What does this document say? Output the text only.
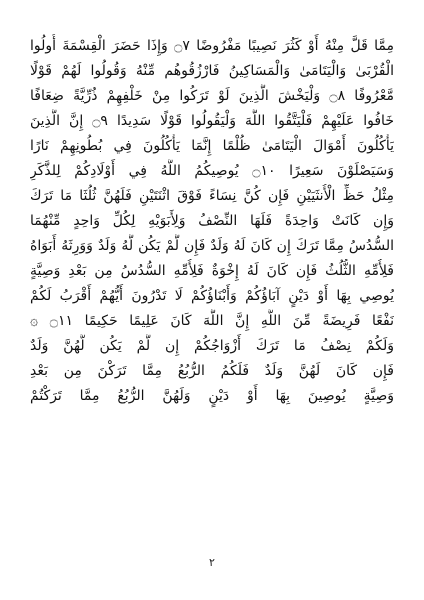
مِمَّا قَلَّ مِنْهُ أَوْ كَثُرَ نَصِيبًا مَفْرُوضًا ۝٧ وَإِذَا حَضَرَ الْقِسْمَةَ أُولُوا
الْقُرْبَىٰ وَالْيَتَامَىٰ وَالْمَسَاكِينُ فَارْزُقُوهُم مِّنْهُ وَقُولُوا لَهُمْ قَوْلًا
مَّعْرُوفًا ۝٨ وَلْيَخْشَ الَّذِينَ لَوْ تَرَكُوا مِنْ خَلْفِهِمْ ذُرِّيَّةً ضِعَافًا
خَافُوا عَلَيْهِمْ فَلْيَتَّقُوا اللَّهَ وَلْيَقُولُوا قَوْلًا سَدِيدًا ۝٩ إِنَّ الَّذِينَ
يَأْكُلُونَ أَمْوَالَ الْيَتَامَىٰ ظُلْمًا إِنَّمَا يَأْكُلُونَ فِي بُطُونِهِمْ نَارًا
وَسَيَصْلَوْنَ سَعِيرًا ۝١٠ يُوصِيكُمُ اللَّهُ فِي أَوْلَادِكُمْ لِلذَّكَرِ
مِثْلُ حَظِّ الْأُنثَيَيْنِ فَإِن كُنَّ نِسَاءً فَوْقَ اثْنَتَيْنِ فَلَهُنَّ ثُلُثَا مَا تَرَكَ
وَإِن كَانَتْ وَاحِدَةً فَلَهَا النِّصْفُ وَلِأَبَوَيْهِ لِكُلِّ وَاحِدٍ مِّنْهُمَا
السُّدُسُ مِمَّا تَرَكَ إِن كَانَ لَهُ وَلَدٌ فَإِن لَّمْ يَكُن لَّهُ وَلَدٌ وَوَرِثَهُ أَبَوَاهُ
فَلِأُمِّهِ الثُّلُثُ فَإِن كَانَ لَهُ إِخْوَةٌ فَلِأُمِّهِ السُّدُسُ مِن بَعْدِ وَصِيَّةٍ
يُوصِي بِهَا أَوْ دَيْنٍ آبَاؤُكُمْ وَأَبْنَاؤُكُمْ لَا تَدْرُونَ أَيُّهُمْ أَقْرَبُ لَكُمْ
نَفْعًا فَرِيضَةً مِّنَ اللَّهِ إِنَّ اللَّهَ كَانَ عَلِيمًا حَكِيمًا ۝١١ ۞
وَلَكُمْ نِصْفُ مَا تَرَكَ أَزْوَاجُكُمْ إِن لَّمْ يَكُن لَّهُنَّ وَلَدٌ
فَإِن كَانَ لَهُنَّ وَلَدٌ فَلَكُمُ الرُّبُعُ مِمَّا تَرَكْنَ مِن بَعْدِ
وَصِيَّةٍ يُوصِينَ بِهَا أَوْ دَيْنٍ وَلَهُنَّ الرُّبُعُ مِمَّا تَرَكْتُمْ
٢
